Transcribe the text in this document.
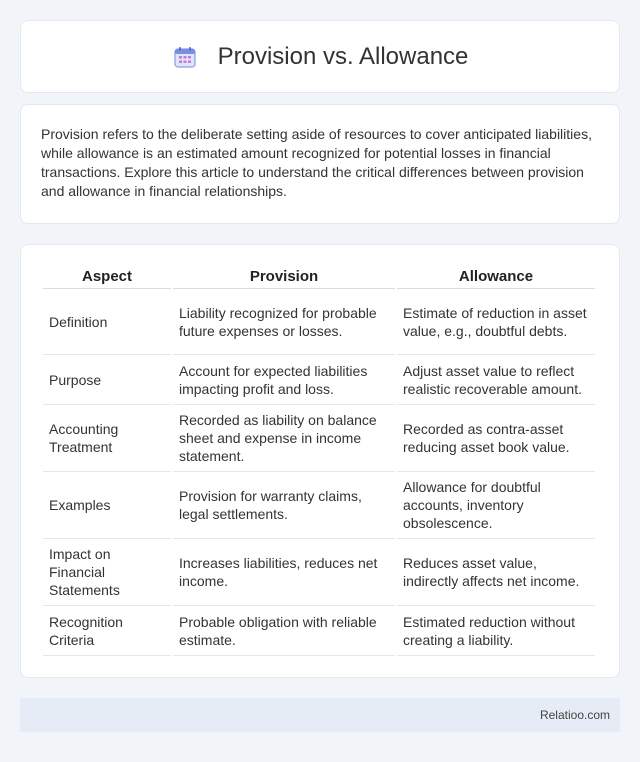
Provision vs. Allowance

Provision refers to the deliberate setting aside of resources to cover anticipated liabilities, while allowance is an estimated amount recognized for potential losses in financial transactions. Explore this article to understand the critical differences between provision and allowance in financial relationships.

Aspect	Provision	Allowance
Definition	Liability recognized for probable future expenses or losses.	Estimate of reduction in asset value, e.g., doubtful debts.
Purpose	Account for expected liabilities impacting profit and loss.	Adjust asset value to reflect realistic recoverable amount.
Accounting Treatment	Recorded as liability on balance sheet and expense in income statement.	Recorded as contra-asset reducing asset book value.
Examples	Provision for warranty claims, legal settlements.	Allowance for doubtful accounts, inventory obsolescence.
Impact on Financial Statements	Increases liabilities, reduces net income.	Reduces asset value, indirectly affects net income.
Recognition Criteria	Probable obligation with reliable estimate.	Estimated reduction without creating a liability.
Relatioo.com
